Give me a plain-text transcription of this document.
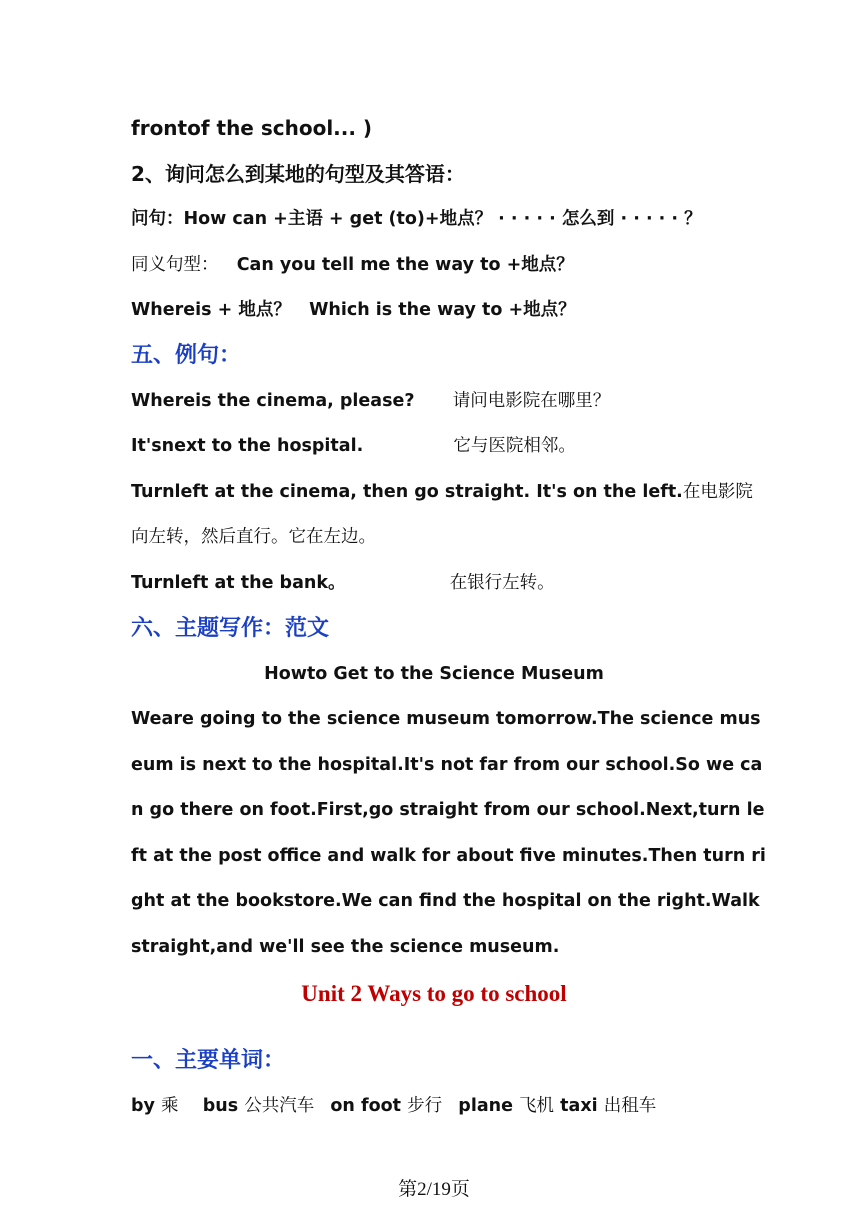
frontof the school... )
2、询问怎么到某地的句型及其答语：
问句：How can +主语 + get (to)+地点？ · · · · · 怎么到 · · · · · ？
同义句型： Can you tell me the way to +地点？
Whereis + 地点？ Which is the way to +地点？
五、例句：
Whereis the cinema, please? 请问电影院在哪里？
It'snext to the hospital.	它与医院相邻。
Turnleft at the cinema, then go straight. It's on the left.在电影院
向左转，然后直行。它在左边。
Turnleft at the bank。	在银行左转。
六、主题写作：范文
Howto Get to the Science Museum
Weare going to the science museum tomorrow.The science mus
eum is next to the hospital.It's not far from our school.So we ca
n go there on foot.First,go straight from our school.Next,turn le
ft at the post office and walk for about five minutes.Then turn ri
ght at the bookstore.We can find the hospital on the right.Walk
straight,and we'll see the science museum.
Unit 2 Ways to go to school
一、主要单词：
by 乘 bus 公共汽车 on foot 步行 plane 飞机 taxi 出租车
第2/19页
